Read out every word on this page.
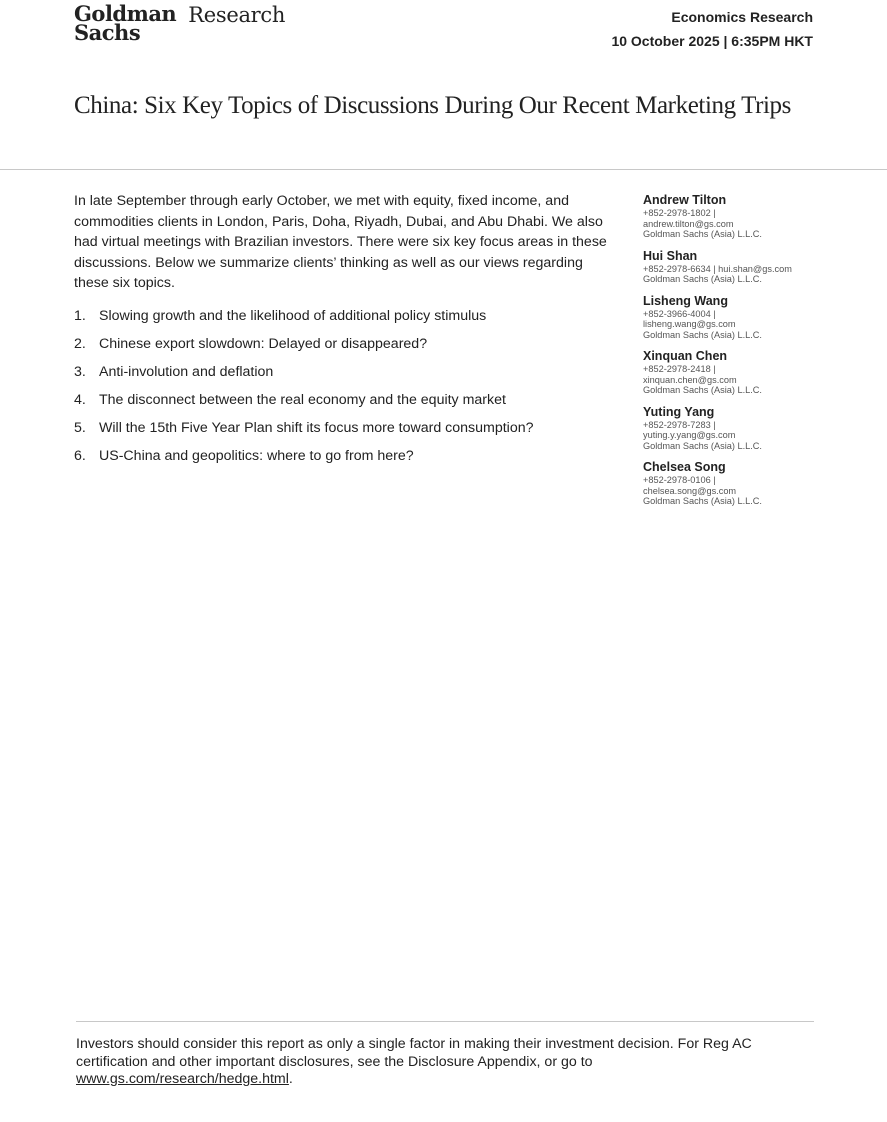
Goldman
Sachs
Research	Economics Research
10 October 2025 | 6:35PM HKT
China: Six Key Topics of Discussions During Our Recent Marketing Trips

In late September through early October, we met with equity, fixed income, and commodities clients in London, Paris, Doha, Riyadh, Dubai, and Abu Dhabi. We also had virtual meetings with Brazilian investors. There were six key focus areas in these discussions. Below we summarize clients’ thinking as well as our views regarding these six topics.

1. Slowing growth and the likelihood of additional policy stimulus
2. Chinese export slowdown: Delayed or disappeared?
3. Anti-involution and deflation
4. The disconnect between the real economy and the equity market
5. Will the 15th Five Year Plan shift its focus more toward consumption?
6. US-China and geopolitics: where to go from here?
Andrew Tilton
+852-2978-1802 |
andrew.tilton@gs.com
Goldman Sachs (Asia) L.L.C.
Hui Shan
+852-2978-6634 | hui.shan@gs.com
Goldman Sachs (Asia) L.L.C.
Lisheng Wang
+852-3966-4004 |
lisheng.wang@gs.com
Goldman Sachs (Asia) L.L.C.
Xinquan Chen
+852-2978-2418 |
xinquan.chen@gs.com
Goldman Sachs (Asia) L.L.C.
Yuting Yang
+852-2978-7283 |
yuting.y.yang@gs.com
Goldman Sachs (Asia) L.L.C.
Chelsea Song
+852-2978-0106 |
chelsea.song@gs.com
Goldman Sachs (Asia) L.L.C.

Investors should consider this report as only a single factor in making their investment decision. For Reg AC certification and other important disclosures, see the Disclosure Appendix, or go to www.gs.com/research/hedge.html.
